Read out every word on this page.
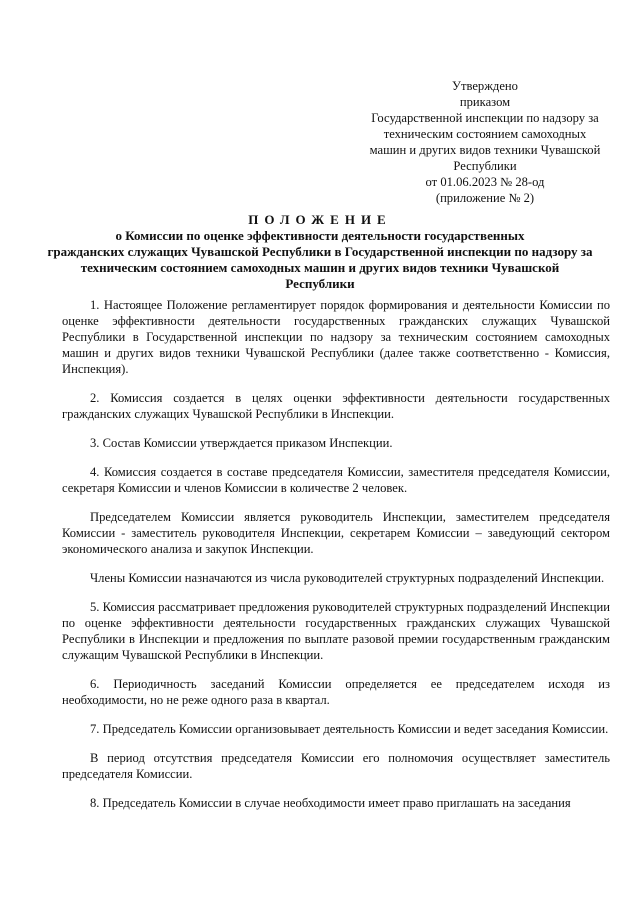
Утверждено
приказом
Государственной инспекции по надзору за
техническим состоянием самоходных
машин и других видов техники Чувашской
Республики
от 01.06.2023 № 28-од
(приложение № 2)
ПОЛОЖЕНИЕ
о Комиссии по оценке эффективности деятельности государственных
гражданских служащих Чувашской Республики в Государственной инспекции по надзору за
техническим состоянием самоходных машин и других видов техники Чувашской
Республики

1. Настоящее Положение регламентирует порядок формирования и деятельности Комиссии по оценке эффективности деятельности государственных гражданских служащих Чувашской Республики в Государственной инспекции по надзору за техническим состоянием самоходных машин и других видов техники Чувашской Республики (далее также соответственно - Комиссия, Инспекция).

2. Комиссия создается в целях оценки эффективности деятельности государственных гражданских служащих Чувашской Республики в Инспекции.

3. Состав Комиссии утверждается приказом Инспекции.

4. Комиссия создается в составе председателя Комиссии, заместителя председателя Комиссии, секретаря Комиссии и членов Комиссии в количестве 2 человек.

Председателем Комиссии является руководитель Инспекции, заместителем председателя Комиссии - заместитель руководителя Инспекции, секретарем Комиссии – заведующий сектором экономического анализа и закупок Инспекции.

Члены Комиссии назначаются из числа руководителей структурных подразделений Инспекции.

5. Комиссия рассматривает предложения руководителей структурных подразделений Инспекции по оценке эффективности деятельности государственных гражданских служащих Чувашской Республики в Инспекции и предложения по выплате разовой премии государственным гражданским служащим Чувашской Республики в Инспекции.

6. Периодичность заседаний Комиссии определяется ее председателем исходя из необходимости, но не реже одного раза в квартал.

7. Председатель Комиссии организовывает деятельность Комиссии и ведет заседания Комиссии.

В период отсутствия председателя Комиссии его полномочия осуществляет заместитель председателя Комиссии.

8. Председатель Комиссии в случае необходимости имеет право приглашать на заседания
